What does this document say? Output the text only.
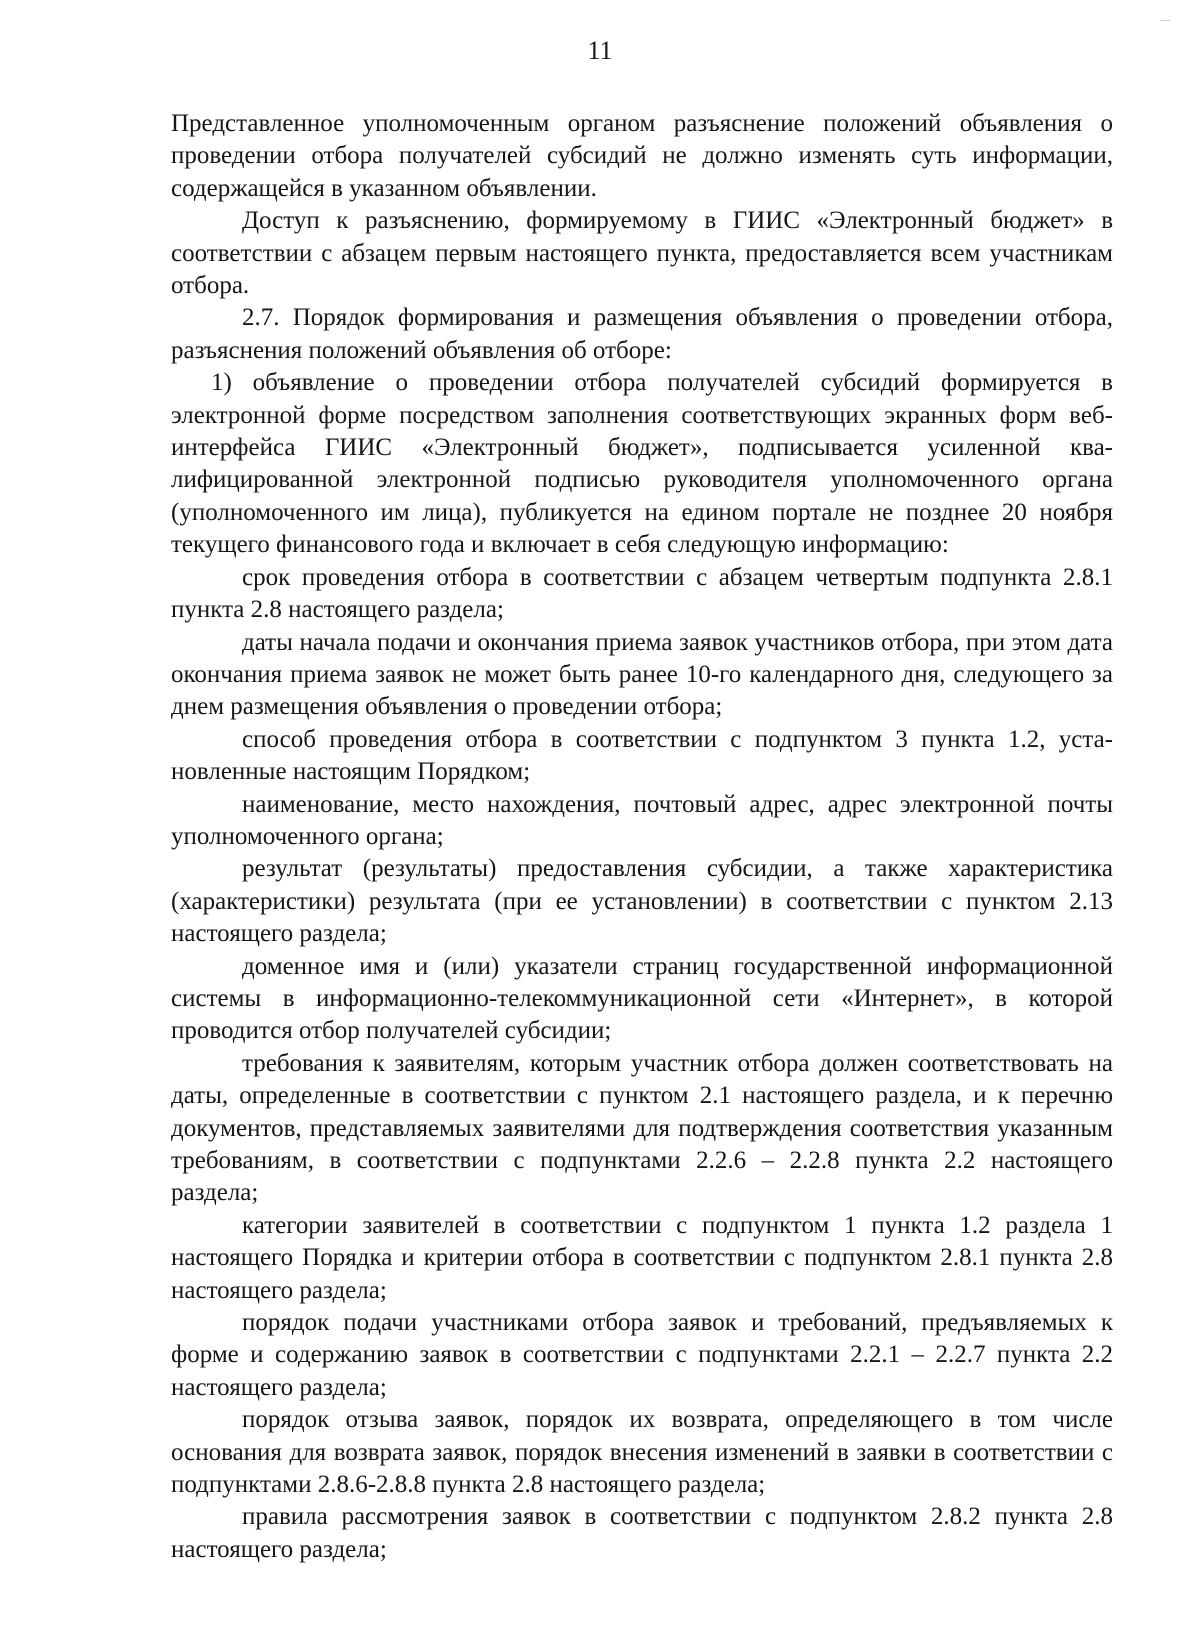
11

Представленное уполномоченным органом разъяснение положений объявления о проведении отбора получателей субсидий не должно изменять суть информации, содержащейся в указанном объявлении.

Доступ к разъяснению, формируемому в ГИИС «Электронный бюджет» в соответствии с абзацем первым настоящего пункта, предоставляется всем участникам отбора.

2.7. Порядок формирования и размещения объявления о проведении отбора, разъяснения положений объявления об отборе:

1) объявление о проведении отбора получателей субсидий формируется в электронной форме посредством заполнения соответствующих экранных форм веб-интерфейса ГИИС «Электронный бюджет», подписывается усиленной квалифицированной электронной подписью руководителя уполномоченного органа (уполномоченного им лица), публикуется на едином портале не позднее 20 ноября текущего финансового года и включает в себя следующую информацию:

срок проведения отбора в соответствии с абзацем четвертым подпункта 2.8.1 пункта 2.8 настоящего раздела;

даты начала подачи и окончания приема заявок участников отбора, при этом дата окончания приема заявок не может быть ранее 10-го календарного дня, следующего за днем размещения объявления о проведении отбора;

способ проведения отбора в соответствии с подпунктом 3 пункта 1.2, установленные настоящим Порядком;

наименование, место нахождения, почтовый адрес, адрес электронной почты уполномоченного органа;

результат (результаты) предоставления субсидии, а также характеристика (характеристики) результата (при ее установлении) в соответствии с пунктом 2.13 настоящего раздела;

доменное имя и (или) указатели страниц государственной информационной системы в информационно-телекоммуникационной сети «Интернет», в которой проводится отбор получателей субсидии;

требования к заявителям, которым участник отбора должен соответствовать на даты, определенные в соответствии с пунктом 2.1 настоящего раздела, и к перечню документов, представляемых заявителями для подтверждения соответствия указанным требованиям, в соответствии с подпунктами 2.2.6 – 2.2.8 пункта 2.2 настоящего раздела;

категории заявителей в соответствии с подпунктом 1 пункта 1.2 раздела 1 настоящего Порядка и критерии отбора в соответствии с подпунктом 2.8.1 пункта 2.8 настоящего раздела;

порядок подачи участниками отбора заявок и требований, предъявляемых к форме и содержанию заявок в соответствии с подпунктами 2.2.1 – 2.2.7 пункта 2.2 настоящего раздела;

порядок отзыва заявок, порядок их возврата, определяющего в том числе основания для возврата заявок, порядок внесения изменений в заявки в соответствии с подпунктами 2.8.6-2.8.8 пункта 2.8 настоящего раздела;

правила рассмотрения заявок в соответствии с подпунктом 2.8.2 пункта 2.8 настоящего раздела;
